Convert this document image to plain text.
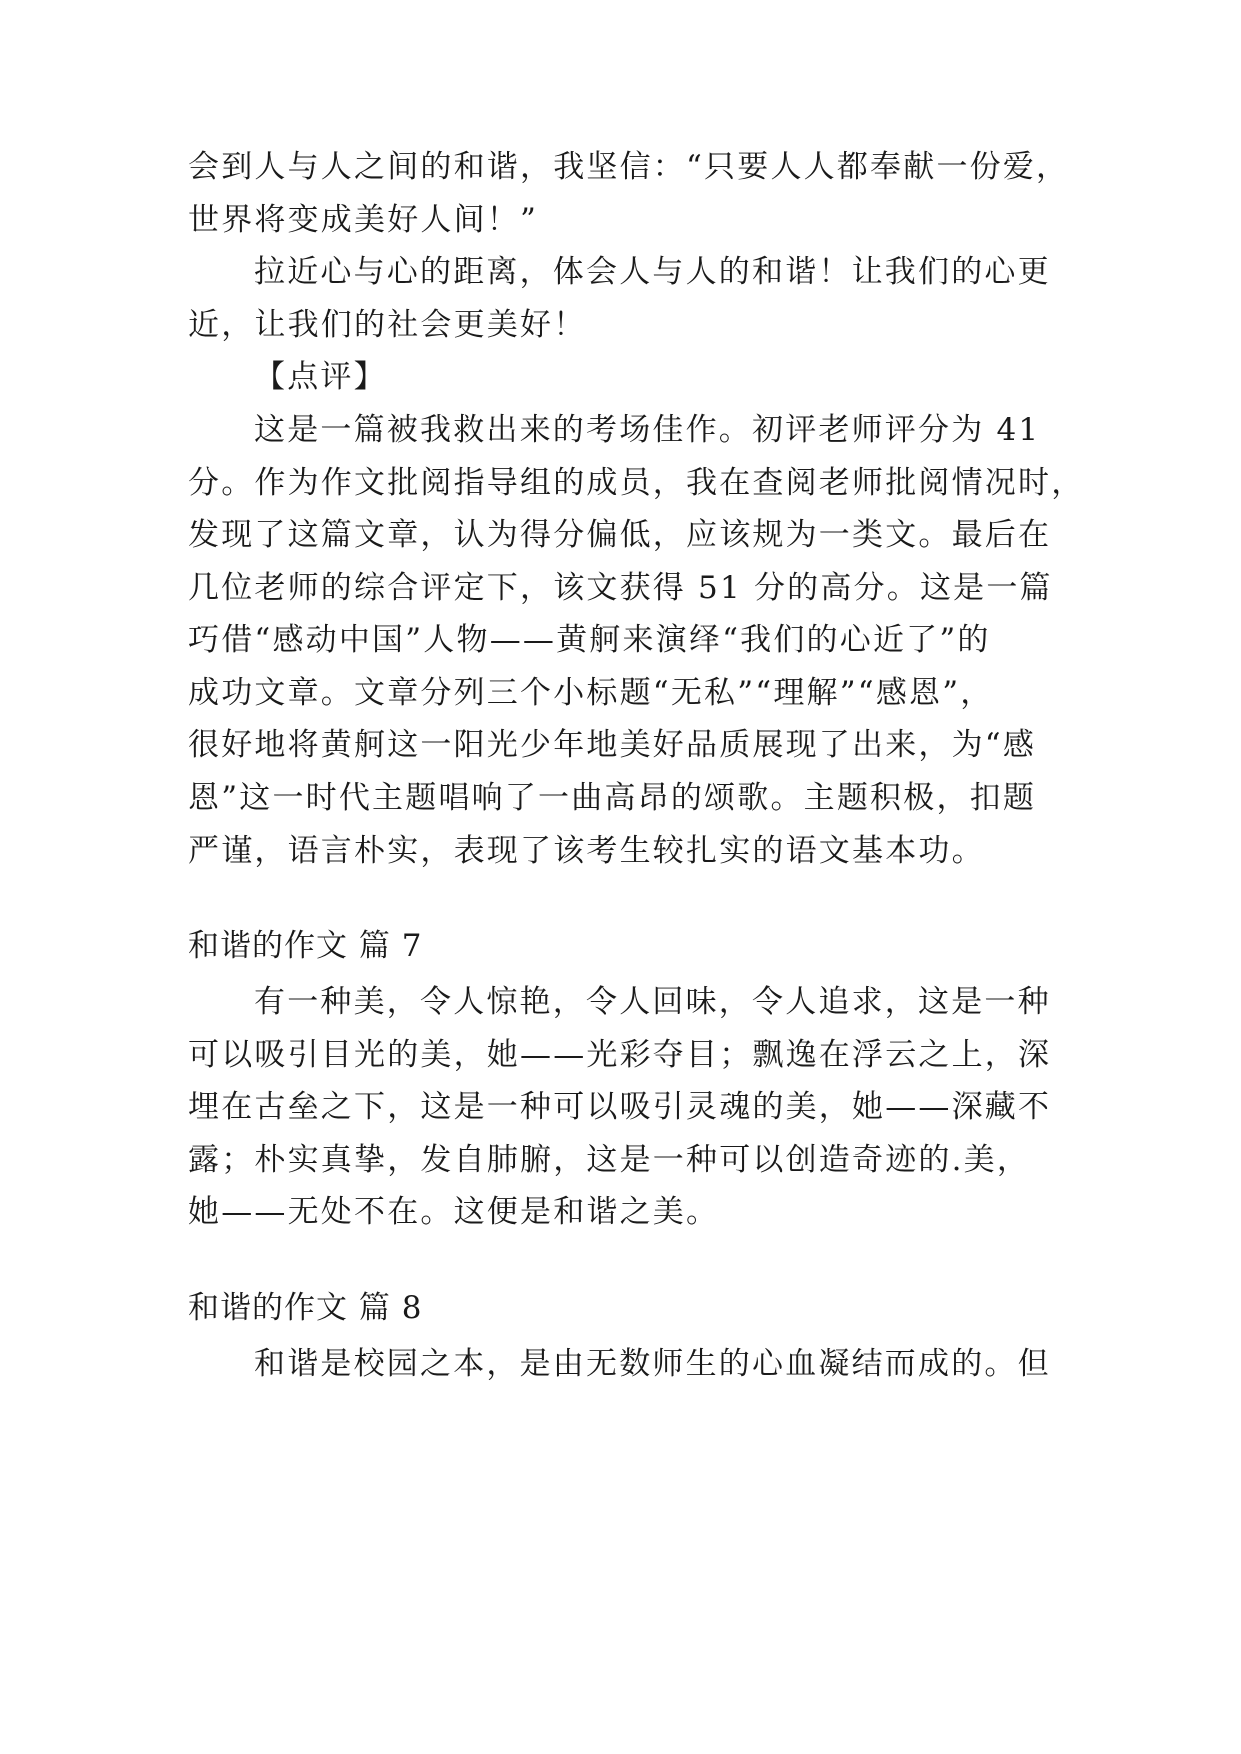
会到人与人之间的和谐，我坚信：“只要人人都奉献一份爱，
世界将变成美好人间！”
拉近心与心的距离，体会人与人的和谐！让我们的心更
近，让我们的社会更美好！
【点评】
这是一篇被我救出来的考场佳作。初评老师评分为 41
分。作为作文批阅指导组的成员，我在查阅老师批阅情况时，
发现了这篇文章，认为得分偏低，应该规为一类文。最后在
几位老师的综合评定下，该文获得 51 分的高分。这是一篇
巧借“感动中国”人物——黄舸来演绎“我们的心近了”的
成功文章。文章分列三个小标题“无私”“理解”“感恩”，
很好地将黄舸这一阳光少年地美好品质展现了出来，为“感
恩”这一时代主题唱响了一曲高昂的颂歌。主题积极，扣题
严谨，语言朴实，表现了该考生较扎实的语文基本功。
和谐的作文 篇 7
有一种美，令人惊艳，令人回味，令人追求，这是一种
可以吸引目光的美，她——光彩夺目；飘逸在浮云之上，深
埋在古垒之下，这是一种可以吸引灵魂的美，她——深藏不
露；朴实真挚，发自肺腑，这是一种可以创造奇迹的.美，
她——无处不在。这便是和谐之美。
和谐的作文 篇 8
和谐是校园之本，是由无数师生的心血凝结而成的。但
